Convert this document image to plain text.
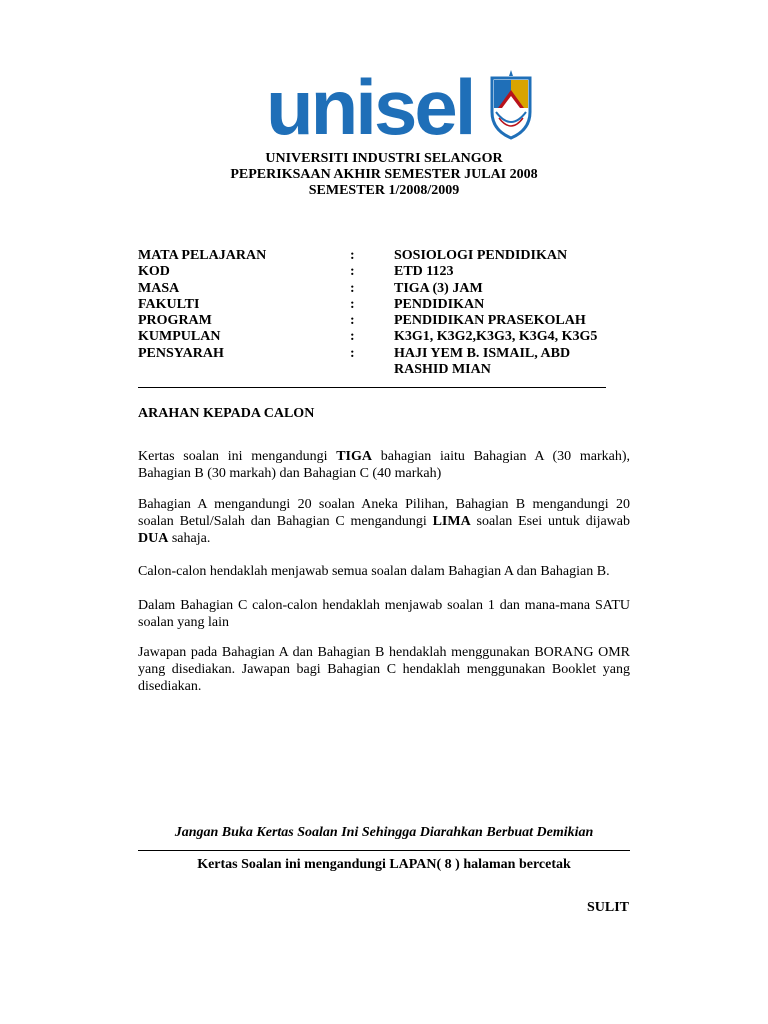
unisel
UNIVERSITI INDUSTRI SELANGOR
PEPERIKSAAN AKHIR SEMESTER JULAI 2008
SEMESTER 1/2008/2009
MATA PELAJARAN	:	SOSIOLOGI PENDIDIKAN
KOD	:	ETD 1123
MASA	:	TIGA (3) JAM
FAKULTI	:	PENDIDIKAN
PROGRAM	:	PENDIDIKAN PRASEKOLAH
KUMPULAN	:	K3G1, K3G2,K3G3, K3G4, K3G5
PENSYARAH	:	HAJI YEM B. ISMAIL, ABD
RASHID MIAN
ARAHAN KEPADA CALON
Kertas soalan ini mengandungi TIGA bahagian iaitu Bahagian A (30 markah), Bahagian B (30 markah) dan Bahagian C (40 markah)
Bahagian A mengandungi 20 soalan Aneka Pilihan, Bahagian B mengandungi 20 soalan Betul/Salah dan Bahagian C mengandungi LIMA soalan Esei untuk dijawab DUA sahaja.
Calon-calon hendaklah menjawab semua soalan dalam Bahagian A dan Bahagian B.
Dalam Bahagian C calon-calon hendaklah menjawab soalan 1 dan mana-mana SATU soalan yang lain
Jawapan pada Bahagian A dan Bahagian B hendaklah menggunakan BORANG OMR yang disediakan. Jawapan bagi Bahagian C hendaklah menggunakan Booklet yang disediakan.
Jangan Buka Kertas Soalan Ini Sehingga Diarahkan Berbuat Demikian
Kertas Soalan ini mengandungi LAPAN( 8 ) halaman bercetak
SULIT
